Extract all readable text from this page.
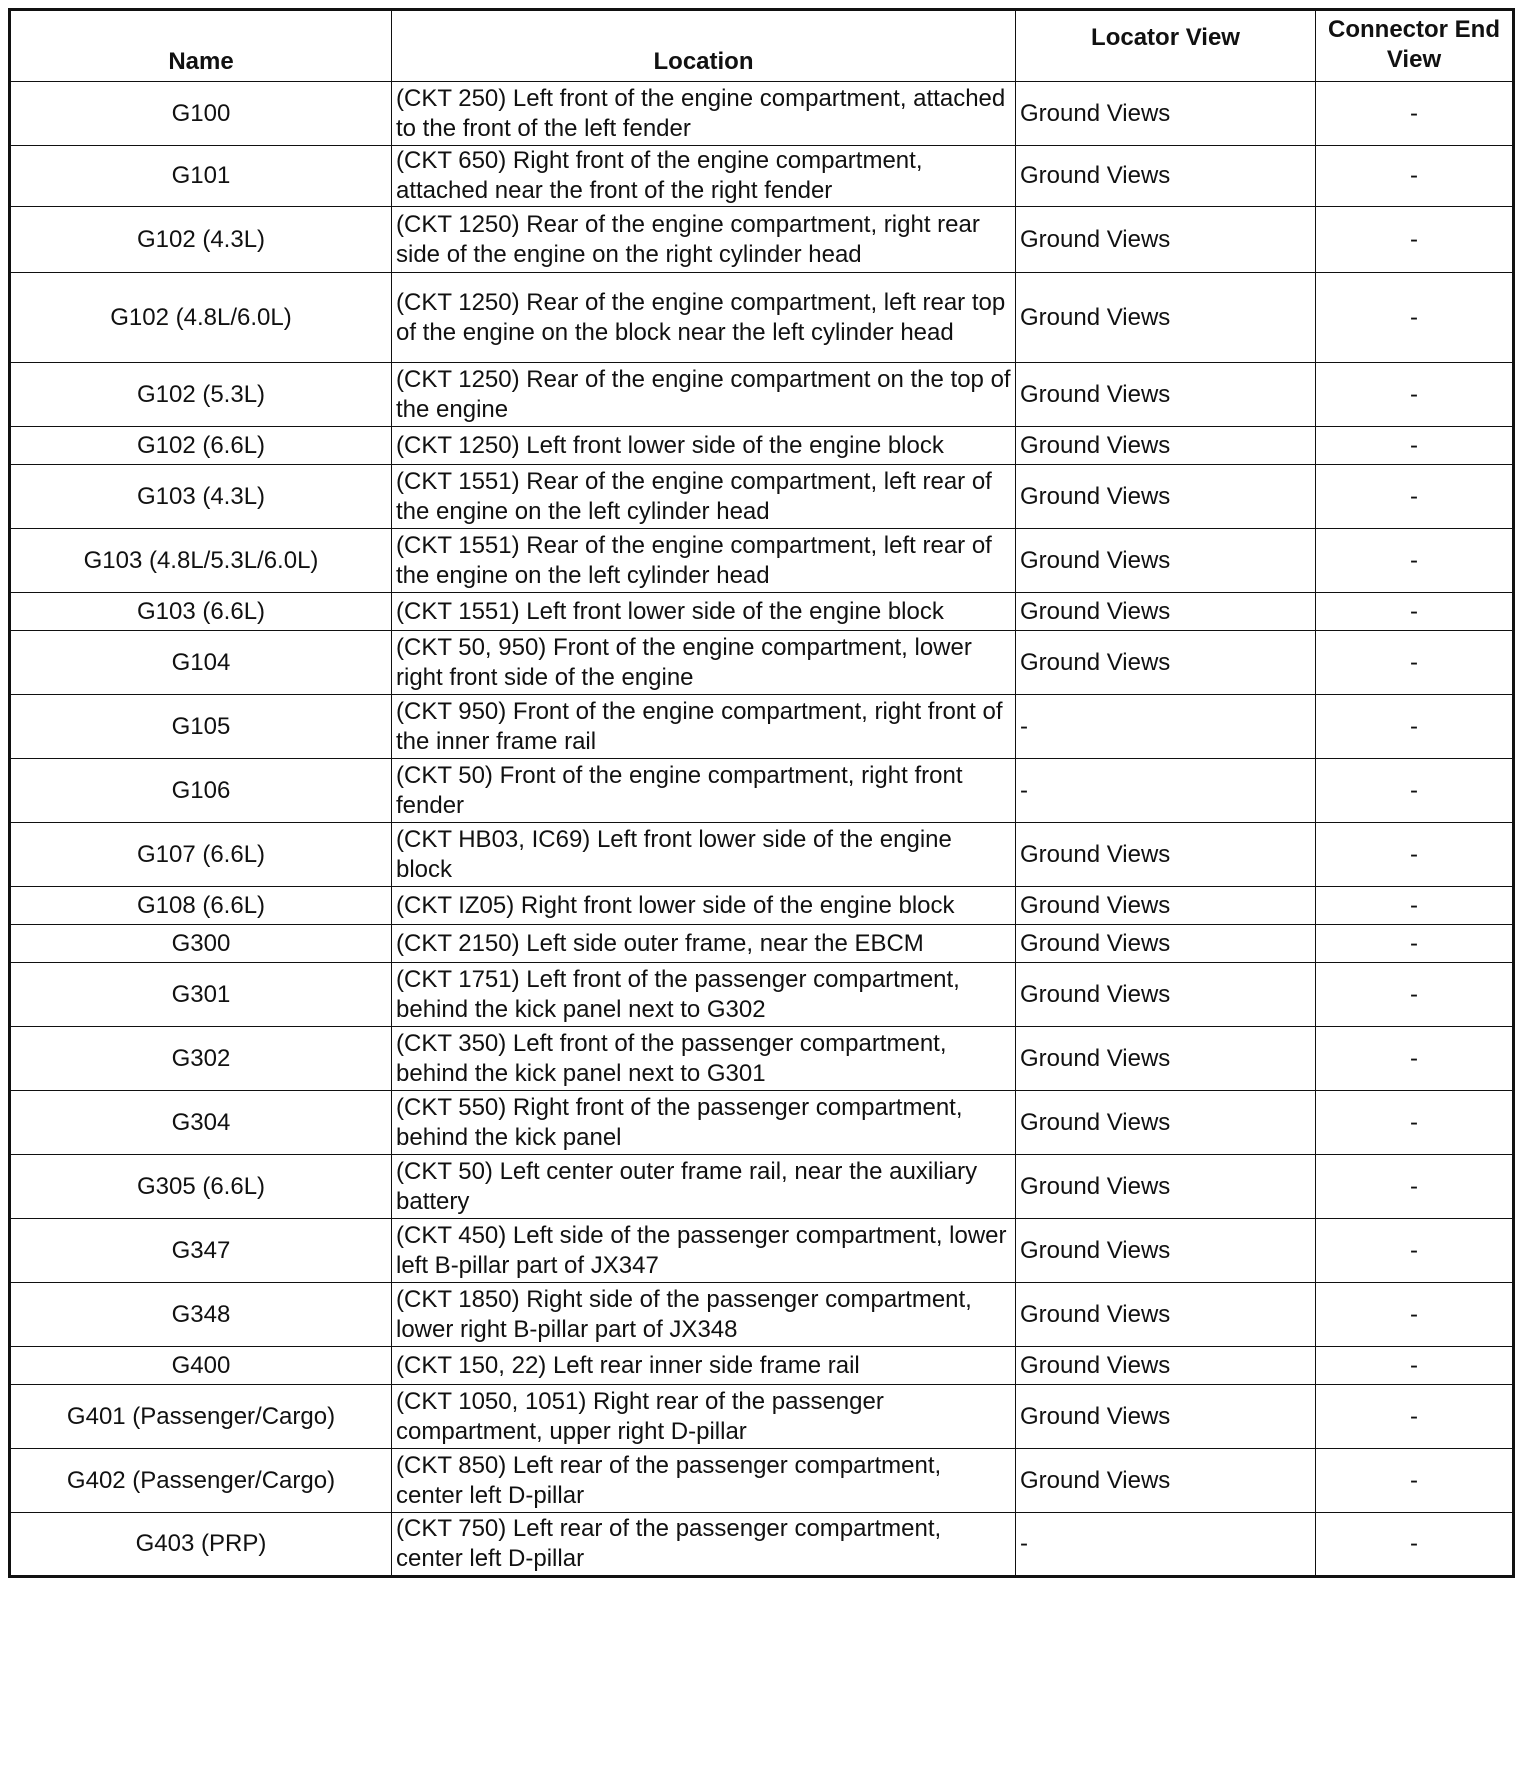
Name	Location	Locator View	Connector End View
G100	(CKT 250) Left front of the engine compartment, attached to the front of the left fender	Ground Views	-
G101	(CKT 650) Right front of the engine compartment, attached near the front of the right fender	Ground Views	-
G102 (4.3L)	(CKT 1250) Rear of the engine compartment, right rear side of the engine on the right cylinder head	Ground Views	-
G102 (4.8L/6.0L)	(CKT 1250) Rear of the engine compartment, left rear top of the engine on the block near the left cylinder head	Ground Views	-
G102 (5.3L)	(CKT 1250) Rear of the engine compartment on the top of the engine	Ground Views	-
G102 (6.6L)	(CKT 1250) Left front lower side of the engine block	Ground Views	-
G103 (4.3L)	(CKT 1551) Rear of the engine compartment, left rear of the engine on the left cylinder head	Ground Views	-
G103 (4.8L/5.3L/6.0L)	(CKT 1551) Rear of the engine compartment, left rear of the engine on the left cylinder head	Ground Views	-
G103 (6.6L)	(CKT 1551) Left front lower side of the engine block	Ground Views	-
G104	(CKT 50, 950) Front of the engine compartment, lower right front side of the engine	Ground Views	-
G105	(CKT 950) Front of the engine compartment, right front of the inner frame rail	-	-
G106	(CKT 50) Front of the engine compartment, right front fender	-	-
G107 (6.6L)	(CKT HB03, IC69) Left front lower side of the engine block	Ground Views	-
G108 (6.6L)	(CKT IZ05) Right front lower side of the engine block	Ground Views	-
G300	(CKT 2150) Left side outer frame, near the EBCM	Ground Views	-
G301	(CKT 1751) Left front of the passenger compartment, behind the kick panel next to G302	Ground Views	-
G302	(CKT 350) Left front of the passenger compartment, behind the kick panel next to G301	Ground Views	-
G304	(CKT 550) Right front of the passenger compartment, behind the kick panel	Ground Views	-
G305 (6.6L)	(CKT 50) Left center outer frame rail, near the auxiliary battery	Ground Views	-
G347	(CKT 450) Left side of the passenger compartment, lower left B-pillar part of JX347	Ground Views	-
G348	(CKT 1850) Right side of the passenger compartment, lower right B-pillar part of JX348	Ground Views	-
G400	(CKT 150, 22) Left rear inner side frame rail	Ground Views	-
G401 (Passenger/Cargo)	(CKT 1050, 1051) Right rear of the passenger compartment, upper right D-pillar	Ground Views	-
G402 (Passenger/Cargo)	(CKT 850) Left rear of the passenger compartment, center left D-pillar	Ground Views	-
G403 (PRP)	(CKT 750) Left rear of the passenger compartment, center left D-pillar	-	-
